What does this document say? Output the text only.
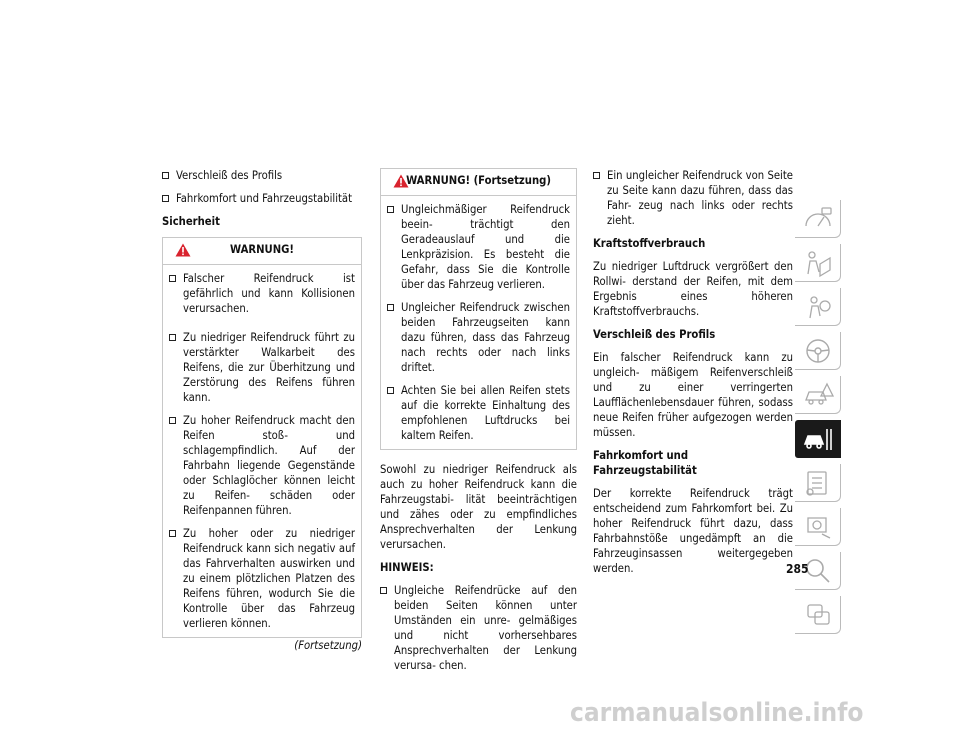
Verschleiß des Profils

Fahrkomfort und Fahrzeugstabilität

Sicherheit

WARNUNG!

Falscher Reifendruck ist gefährlich und kann Kollisionen verursachen.

Zu niedriger Reifendruck führt zu verstärkter Walkarbeit des Reifens, die zur Überhitzung und Zerstörung des Reifens führen kann.

Zu hoher Reifendruck macht den Reifen stoß- und schlagempfindlich. Auf der Fahrbahn liegende Gegenstände oder Schlaglöcher können leicht zu Reifen- schäden oder Reifenpannen führen.

Zu hoher oder zu niedriger Reifendruck kann sich negativ auf das Fahrverhalten auswirken und zu einem plötzlichen Platzen des Reifens führen, wodurch Sie die Kontrolle über das Fahrzeug verlieren können.

(Fortsetzung)

WARNUNG! (Fortsetzung)

Ungleichmäßiger Reifendruck beein- trächtigt den Geradeauslauf und die Lenkpräzision. Es besteht die Gefahr, dass Sie die Kontrolle über das Fahrzeug verlieren.

Ungleicher Reifendruck zwischen beiden Fahrzeugseiten kann dazu führen, dass das Fahrzeug nach rechts oder nach links driftet.

Achten Sie bei allen Reifen stets auf die korrekte Einhaltung des empfohlenen Luftdrucks bei kaltem Reifen.

Sowohl zu niedriger Reifendruck als auch zu hoher Reifendruck kann die Fahrzeugstabi- lität beeinträchtigen und zähes oder zu empfindliches Ansprechverhalten der Lenkung verursachen.

HINWEIS:

Ungleiche Reifendrücke auf den beiden Seiten können unter Umständen ein unre- gelmäßiges und nicht vorhersehbares Ansprechverhalten der Lenkung verursa- chen.

Ein ungleicher Reifendruck von Seite zu Seite kann dazu führen, dass das Fahr- zeug nach links oder rechts zieht.

Kraftstoffverbrauch

Zu niedriger Luftdruck vergrößert den Rollwi- derstand der Reifen, mit dem Ergebnis eines höheren Kraftstoffverbrauchs.

Verschleiß des Profils

Ein falscher Reifendruck kann zu ungleich- mäßigem Reifenverschleiß und zu einer verringerten Laufflächenlebensdauer führen, sodass neue Reifen früher aufgezogen werden müssen.

Fahrkomfort und Fahrzeugstabilität

Der korrekte Reifendruck trägt entscheidend zum Fahrkomfort bei. Zu hoher Reifendruck führt dazu, dass Fahrbahnstöße ungedämpft an die Fahrzeuginsassen weitergegeben werden.	285
carmanualsonline.info
